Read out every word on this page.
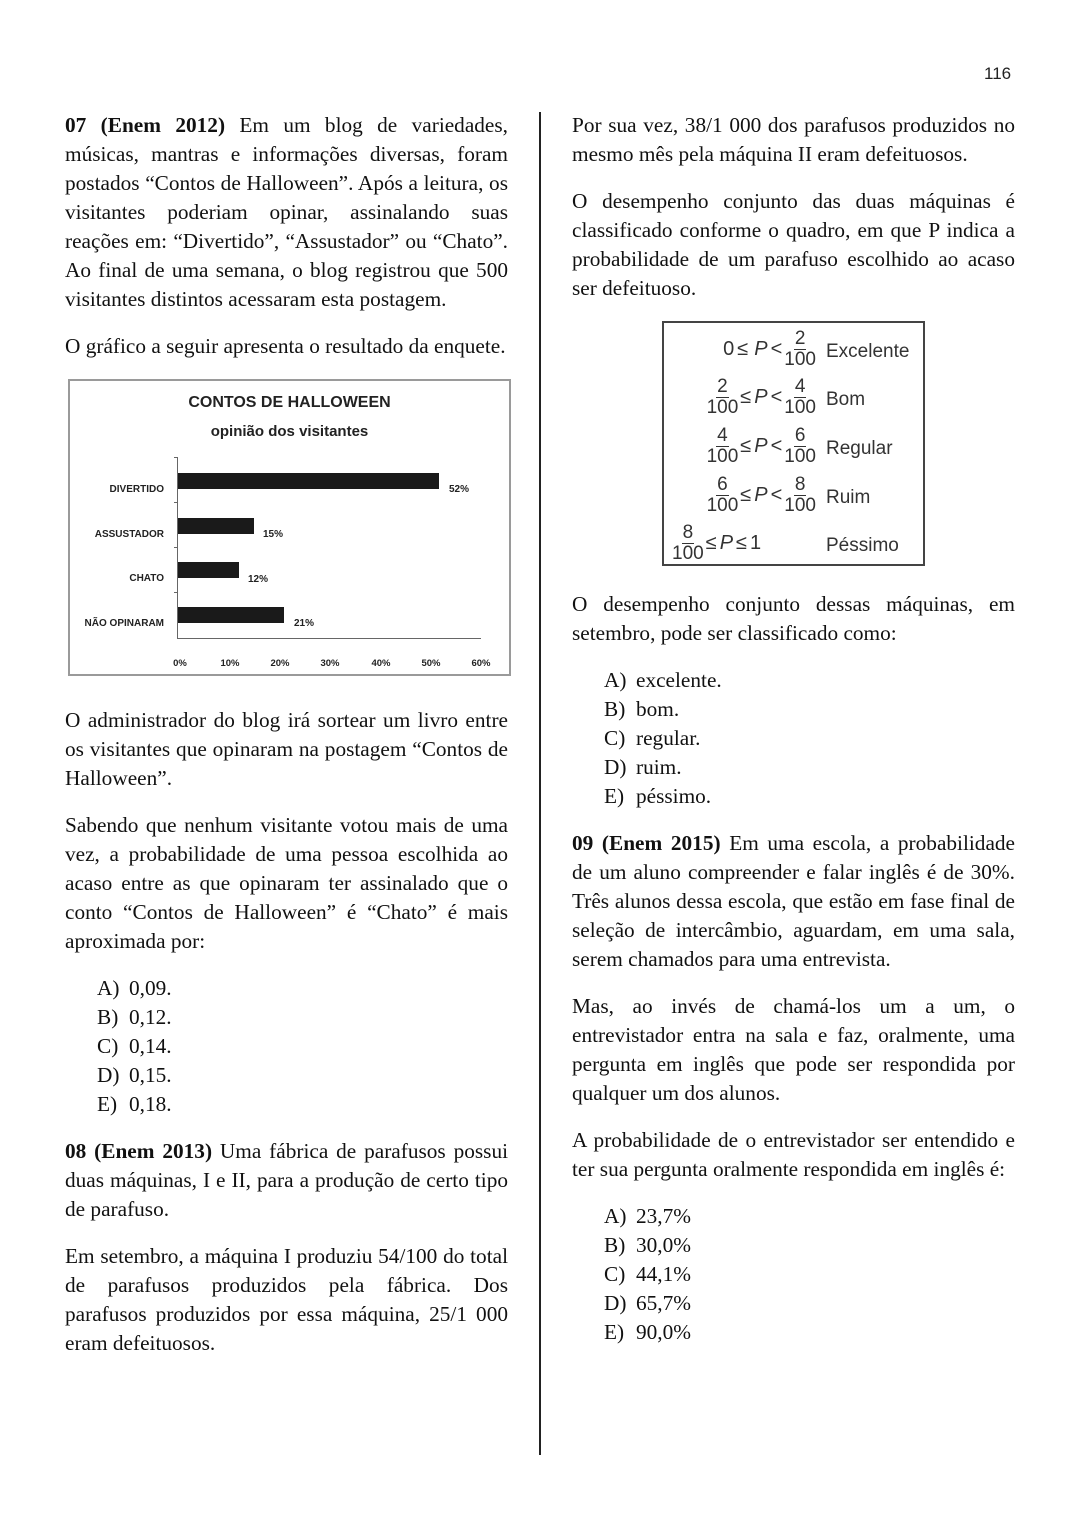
116

07 (Enem 2012) Em um blog de variedades, músicas, mantras e informações diversas, foram postados “Contos de Halloween”. Após a leitura, os visitantes poderiam opinar, assinalando suas reações em: “Divertido”, “Assustador” ou “Chato”. Ao final de uma semana, o blog registrou que 500 visitantes distintos acessaram esta postagem.

O gráfico a seguir apresenta o resultado da enquete.

CONTOS DE HALLOWEEN
opinião dos visitantes
DIVERTIDO	52%
ASSUSTADOR	15%
CHATO	12%
NÃO OPINARAM	21%
0%	10%	20%	30%	40%	50%	60%

O administrador do blog irá sortear um livro entre os visitantes que opinaram na postagem “Contos de Halloween”.

Sabendo que nenhum visitante votou mais de uma vez, a probabilidade de uma pessoa escolhida ao acaso entre as que opinaram ter assinalado que o conto “Contos de Halloween” é “Chato” é mais aproximada por:

A) 0,09.
B) 0,12.
C) 0,14.
D) 0,15.
E) 0,18.

08 (Enem 2013) Uma fábrica de parafusos possui duas máquinas, I e II, para a produção de certo tipo de parafuso.

Em setembro, a máquina I produziu 54/100 do total de parafusos produzidos pela fábrica. Dos parafusos produzidos por essa máquina, 25/1 000 eram defeituosos.

Por sua vez, 38/1 000 dos parafusos produzidos no mesmo mês pela máquina II eram defeituosos.

O desempenho conjunto das duas máquinas é classificado conforme o quadro, em que P indica a probabilidade de um parafuso escolhido ao acaso ser defeituoso.

$0 \le P < \frac{2}{100}$ Excelente
$\frac{2}{100} \le P < \frac{4}{100}$ Bom
$\frac{4}{100} \le P < \frac{6}{100}$ Regular
$\frac{6}{100} \le P < \frac{8}{100}$ Ruim
$\frac{8}{100} \le P \le 1$	Péssimo

O desempenho conjunto dessas máquinas, em setembro, pode ser classificado como:

A) excelente.
B) bom.
C) regular.
D) ruim.
E) péssimo.

09 (Enem 2015) Em uma escola, a probabilidade de um aluno compreender e falar inglês é de 30%. Três alunos dessa escola, que estão em fase final de seleção de intercâmbio, aguardam, em uma sala, serem chamados para uma entrevista.

Mas, ao invés de chamá-los um a um, o entrevistador entra na sala e faz, oralmente, uma pergunta em inglês que pode ser respondida por qualquer um dos alunos.

A probabilidade de o entrevistador ser entendido e ter sua pergunta oralmente respondida em inglês é:

A) 23,7%
B) 30,0%
C) 44,1%
D) 65,7%
E) 90,0%
